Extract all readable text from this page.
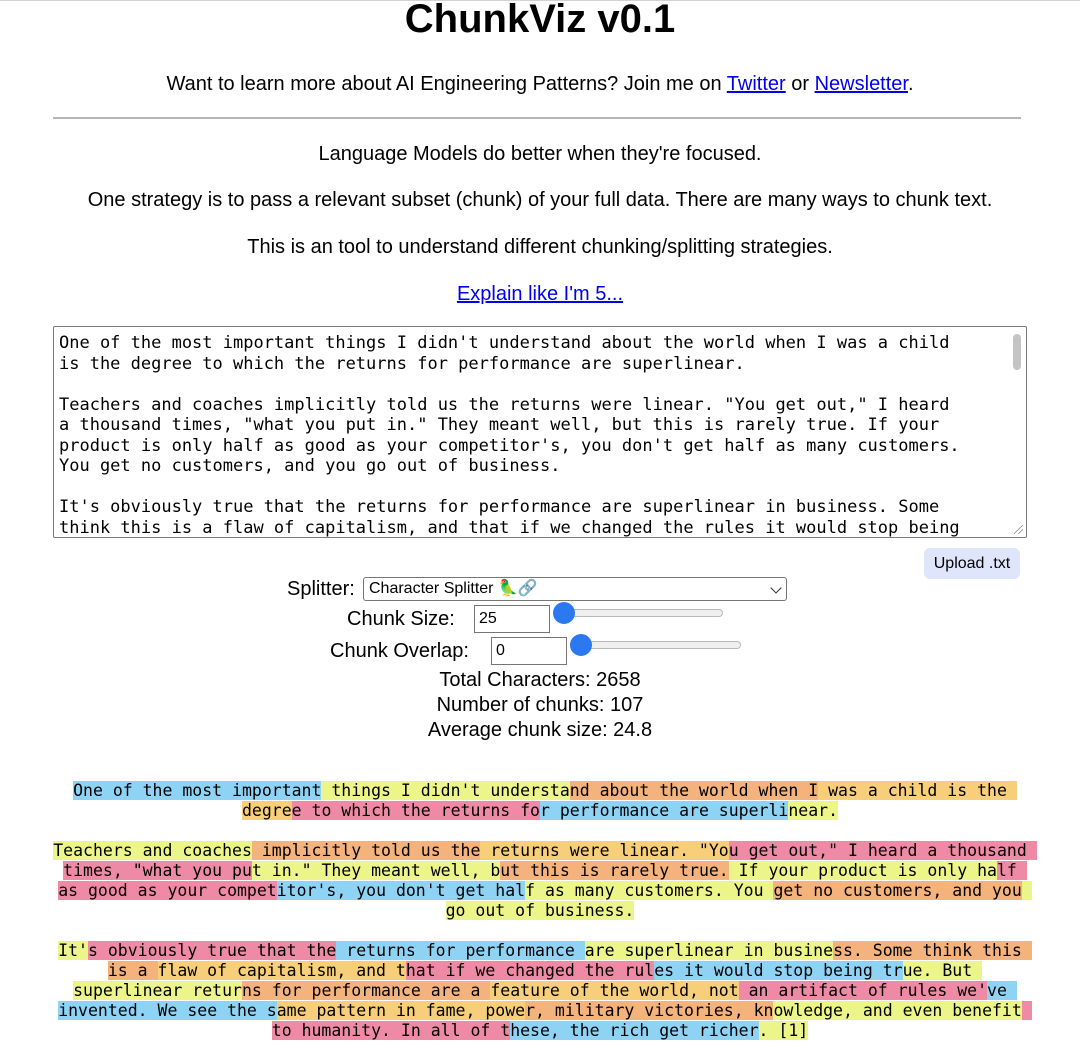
ChunkViz v0.1
Want to learn more about AI Engineering Patterns? Join me on Twitter or Newsletter.
Language Models do better when they're focused.
One strategy is to pass a relevant subset (chunk) of your full data. There are many ways to chunk text.
This is an tool to understand different chunking/splitting strategies.
Explain like I'm 5...
One of the most important things I didn't understand about the world when I was a child
is the degree to which the returns for performance are superlinear.

Teachers and coaches implicitly told us the returns were linear. "You get out," I heard
a thousand times, "what you put in." They meant well, but this is rarely true. If your
product is only half as good as your competitor's, you don't get half as many customers.
You get no customers, and you go out of business.

It's obviously true that the returns for performance are superlinear in business. Some
think this is a flaw of capitalism, and that if we changed the rules it would stop being
Upload .txt
Splitter: Character Splitter 🦜🔗
Chunk Size:	25
Chunk Overlap:	0
Total Characters: 2658
Number of chunks: 107
Average chunk size: 24.8
One of the most important things I didn't understand about the world when I was a child is the degree to which the returns for performance are superlinear.
Teachers and coaches implicitly told us the returns were linear. "You get out," I heard a thousand times, "what you put in." They meant well, but this is rarely true. If your product is only half as good as your competitor's, you don't get half as many customers. You get no customers, and you go out of business.
It's obviously true that the returns for performance are superlinear in business. Some think this is a flaw of capitalism, and that if we changed the rules it would stop being true. But superlinear returns for performance are a feature of the world, not an artifact of rules we've invented. We see the same pattern in fame, power, military victories, knowledge, and even benefit to humanity. In all of these, the rich get richer. [1]
